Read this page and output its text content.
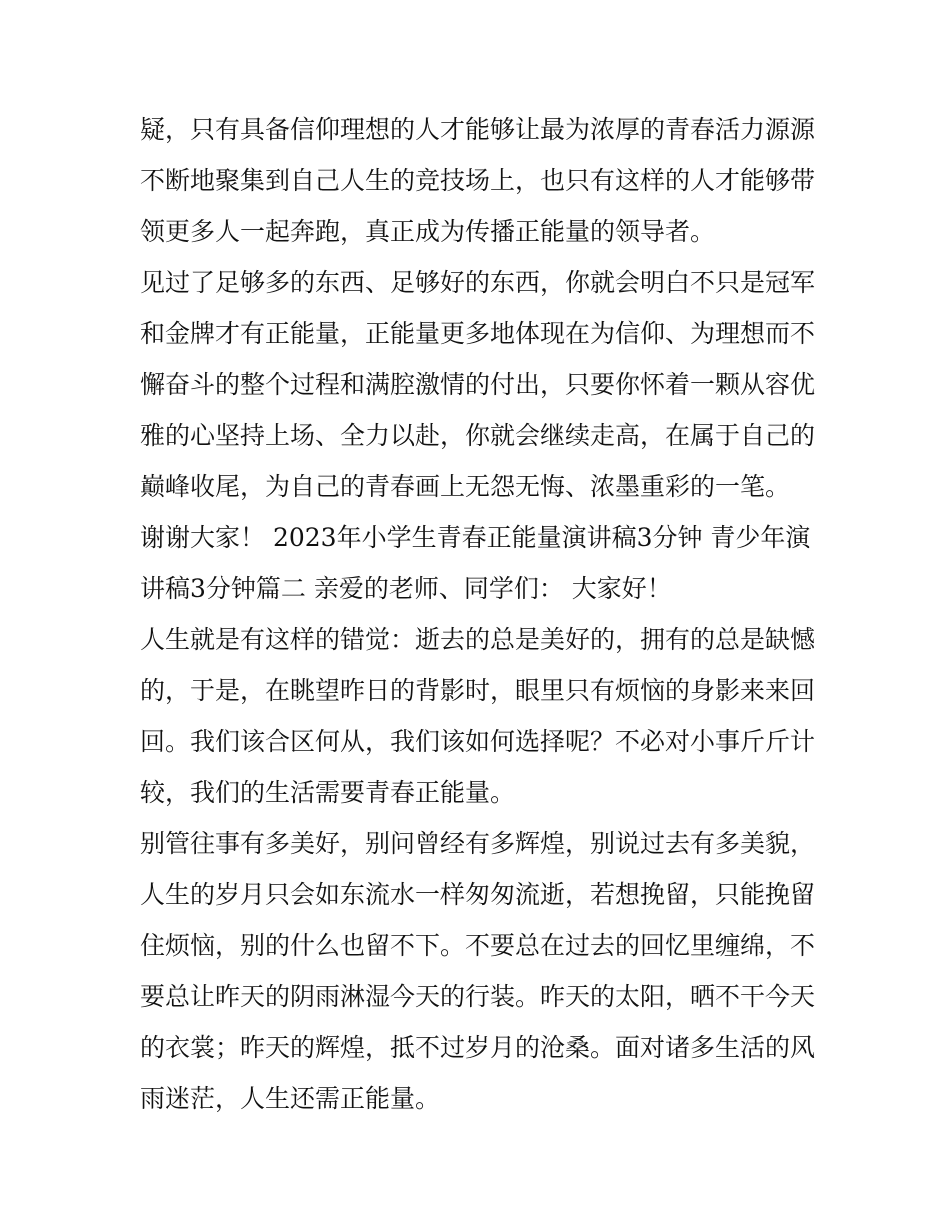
疑，只有具备信仰理想的人才能够让最为浓厚的青春活力源源
不断地聚集到自己人生的竞技场上，也只有这样的人才能够带
领更多人一起奔跑，真正成为传播正能量的领导者。
见过了足够多的东西、足够好的东西，你就会明白不只是冠军
和金牌才有正能量，正能量更多地体现在为信仰、为理想而不
懈奋斗的整个过程和满腔激情的付出，只要你怀着一颗从容优
雅的心坚持上场、全力以赴，你就会继续走高，在属于自己的
巅峰收尾，为自己的青春画上无怨无悔、浓墨重彩的一笔。
谢谢大家！ 2023年小学生青春正能量演讲稿3分钟 青少年演
讲稿3分钟篇二 亲爱的老师、同学们： 大家好！
人生就是有这样的错觉：逝去的总是美好的，拥有的总是缺憾
的，于是，在眺望昨日的背影时，眼里只有烦恼的身影来来回
回。我们该合区何从，我们该如何选择呢？不必对小事斤斤计
较，我们的生活需要青春正能量。
别管往事有多美好，别问曾经有多辉煌，别说过去有多美貌，
人生的岁月只会如东流水一样匆匆流逝，若想挽留，只能挽留
住烦恼，别的什么也留不下。不要总在过去的回忆里缠绵，不
要总让昨天的阴雨淋湿今天的行装。昨天的太阳，晒不干今天
的衣裳；昨天的辉煌，抵不过岁月的沧桑。面对诸多生活的风
雨迷茫，人生还需正能量。
